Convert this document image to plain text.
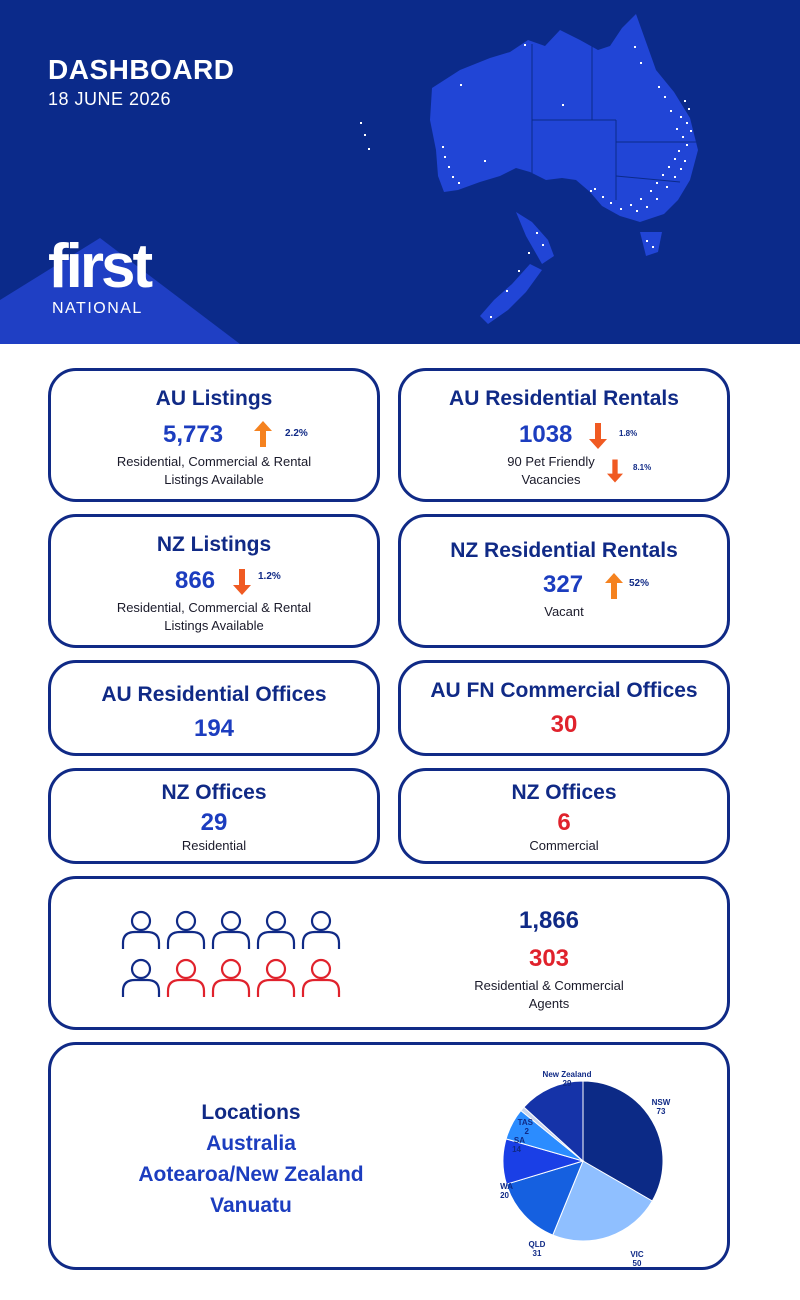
DASHBOARD
18 JUNE 2026
first
NATIONAL
AU Listings
5,773	2.2%
Residential, Commercial & Rental
Listings Available
AU Residential Rentals
1038	1.8%
90 Pet Friendly
Vacancies
8.1%
NZ Listings
866	1.2%
Residential, Commercial & Rental
Listings Available
NZ Residential Rentals
327	52%
Vacant
AU Residential Offices
194
AU FN Commercial Offices
30
NZ Offices
29
Residential
NZ Offices
6
Commercial
1,866
303
Residential & Commercial
Agents
Locations
Australia
Aotearoa/New Zealand
Vanuatu
NSW
73
VIC
50
QLD
31
WA
20
SA
14
TAS
2
New Zealand
29
